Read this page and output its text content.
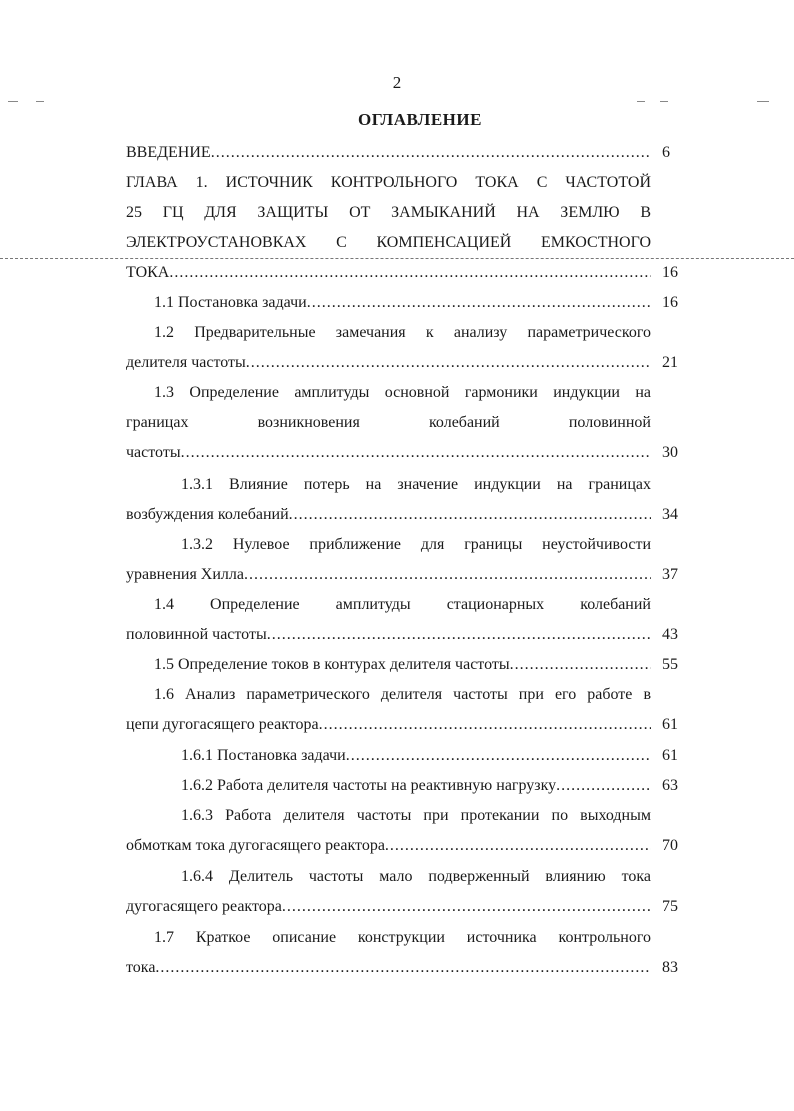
2
ОГЛАВЛЕНИЕ
ВВЕДЕНИЕ .....	6
ГЛАВА 1. ИСТОЧНИК КОНТРОЛЬНОГО ТОКА С ЧАСТОТОЙ
25 ГЦ ДЛЯ ЗАЩИТЫ ОТ ЗАМЫКАНИЙ НА ЗЕМЛЮ В
ЭЛЕКТРОУСТАНОВКАХ С КОМПЕНСАЦИЕЙ ЕМКОСТНОГО
ТОКА .....	16
1.1 Постановка задачи .....	16
1.2 Предварительные замечания к анализу параметрического
делителя частоты .....	21
1.3 Определение амплитуды основной гармоники индукции на
границах возникновения колебаний половинной
частоты .....	30
1.3.1 Влияние потерь на значение индукции на границах
возбуждения колебаний .....	34
1.3.2 Нулевое приближение для границы неустойчивости
уравнения Хилла .....	37
1.4 Определение амплитуды стационарных колебаний
половинной частоты .....	43
1.5 Определение токов в контурах делителя частоты .....	55
1.6 Анализ параметрического делителя частоты при его работе в
цепи дугогасящего реактора .....	61
1.6.1 Постановка задачи .....	61
1.6.2 Работа делителя частоты на реактивную нагрузку .....	63
1.6.3 Работа делителя частоты при протекании по выходным
обмоткам тока дугогасящего реактора .....	70
1.6.4 Делитель частоты мало подверженный влиянию тока
дугогасящего реактора .....	75
1.7 Краткое описание конструкции источника контрольного
тока .....	83
